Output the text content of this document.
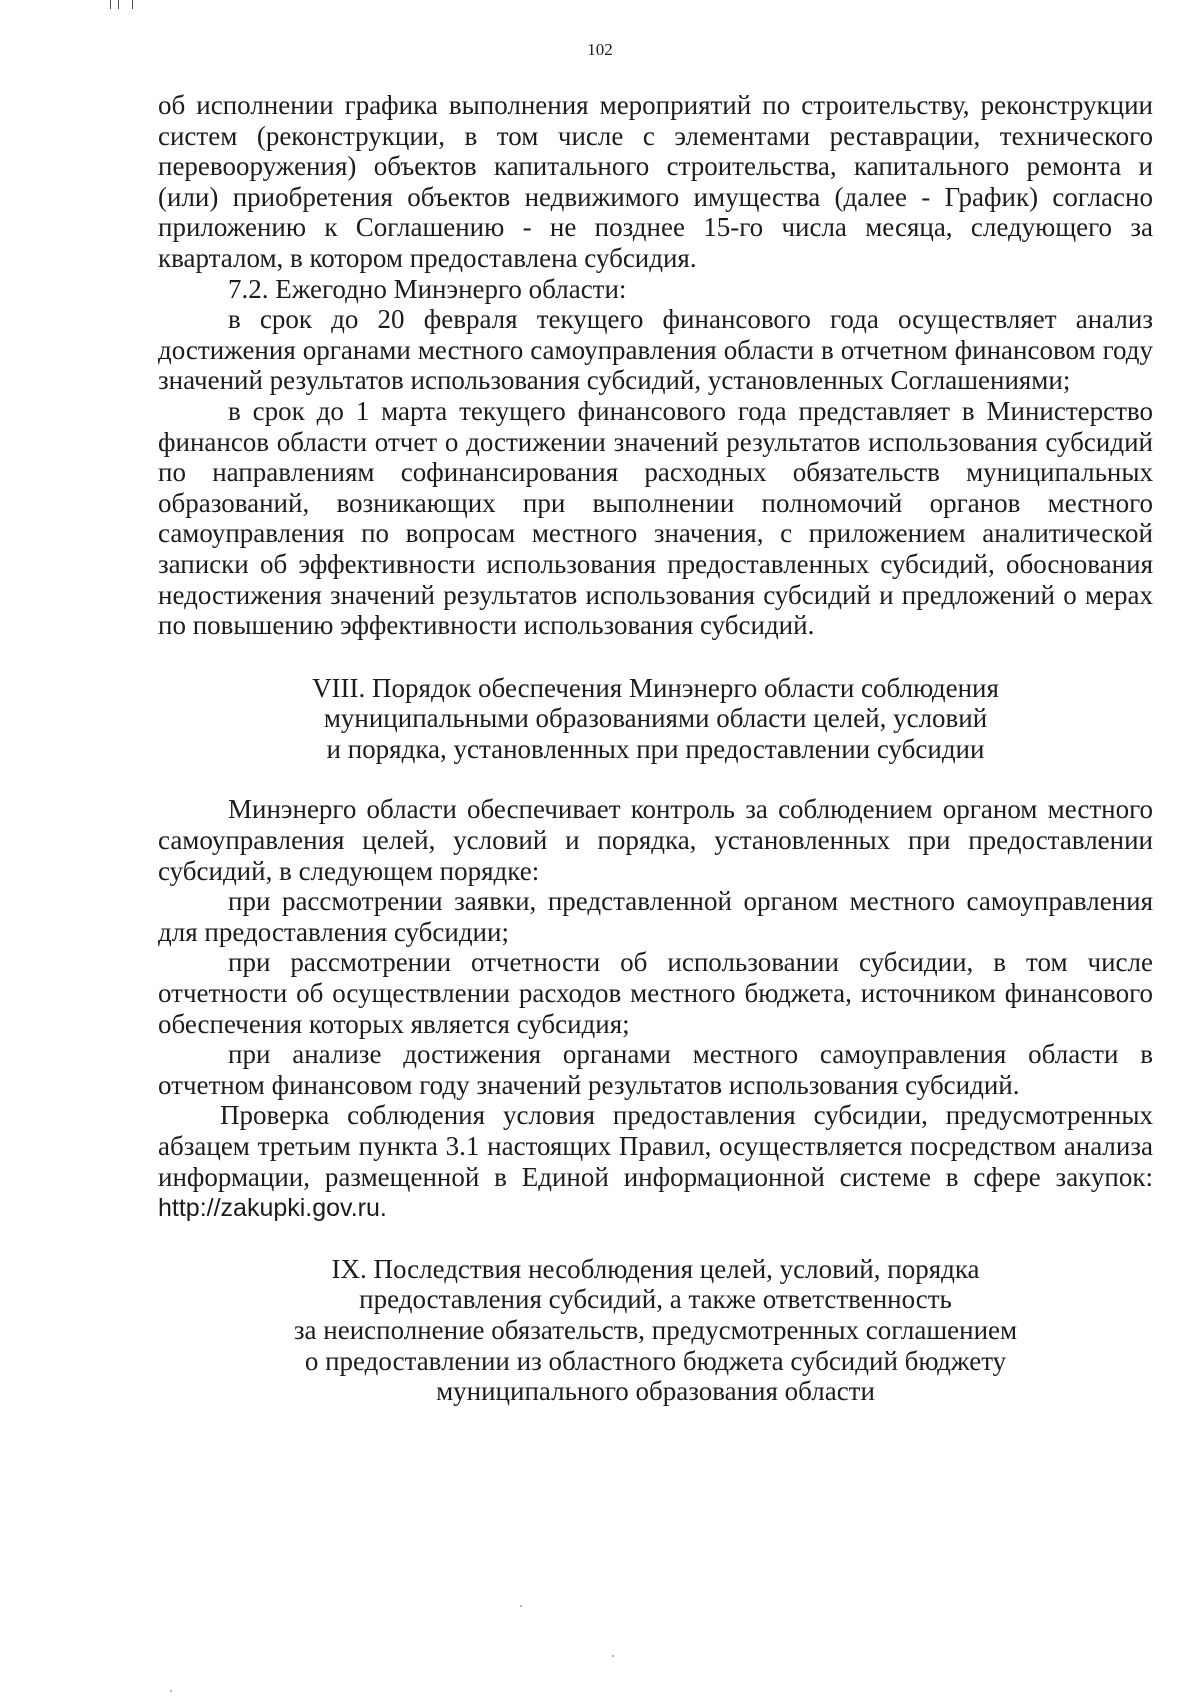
102

об исполнении графика выполнения мероприятий по строительству, реконструкции систем (реконструкции, в том числе с элементами реставрации, технического перевооружения) объектов капитального строительства, капитального ремонта и (или) приобретения объектов недвижимого имущества (далее - График) согласно приложению к Соглашению - не позднее 15-го числа месяца, следующего за кварталом, в котором предоставлена субсидия.

7.2. Ежегодно Минэнерго области:

в срок до 20 февраля текущего финансового года осуществляет анализ достижения органами местного самоуправления области в отчетном финансовом году значений результатов использования субсидий, установленных Соглашениями;

в срок до 1 марта текущего финансового года представляет в Министерство финансов области отчет о достижении значений результатов использования субсидий по направлениям софинансирования расходных обязательств муниципальных образований, возникающих при выполнении полномочий органов местного самоуправления по вопросам местного значения, с приложением аналитической записки об эффективности использования предоставленных субсидий, обоснования недостижения значений результатов использования субсидий и предложений о мерах по повышению эффективности использования субсидий.

VIII. Порядок обеспечения Минэнерго области соблюдения
муниципальными образованиями области целей, условий
и порядка, установленных при предоставлении субсидии

Минэнерго области обеспечивает контроль за соблюдением органом местного самоуправления целей, условий и порядка, установленных при предоставлении субсидий, в следующем порядке:

при рассмотрении заявки, представленной органом местного самоуправления для предоставления субсидии;

при рассмотрении отчетности об использовании субсидии, в том числе отчетности об осуществлении расходов местного бюджета, источником финансового обеспечения которых является субсидия;

при анализе достижения органами местного самоуправления области в отчетном финансовом году значений результатов использования субсидий.

Проверка соблюдения условия предоставления субсидии, предусмотренных абзацем третьим пункта 3.1 настоящих Правил, осуществляется посредством анализа информации, размещенной в Единой информационной системе в сфере закупок: http://zakupki.gov.ru.

IX. Последствия несоблюдения целей, условий, порядка
предоставления субсидий, а также ответственность
за неисполнение обязательств, предусмотренных соглашением
о предоставлении из областного бюджета субсидий бюджету
муниципального образования области
